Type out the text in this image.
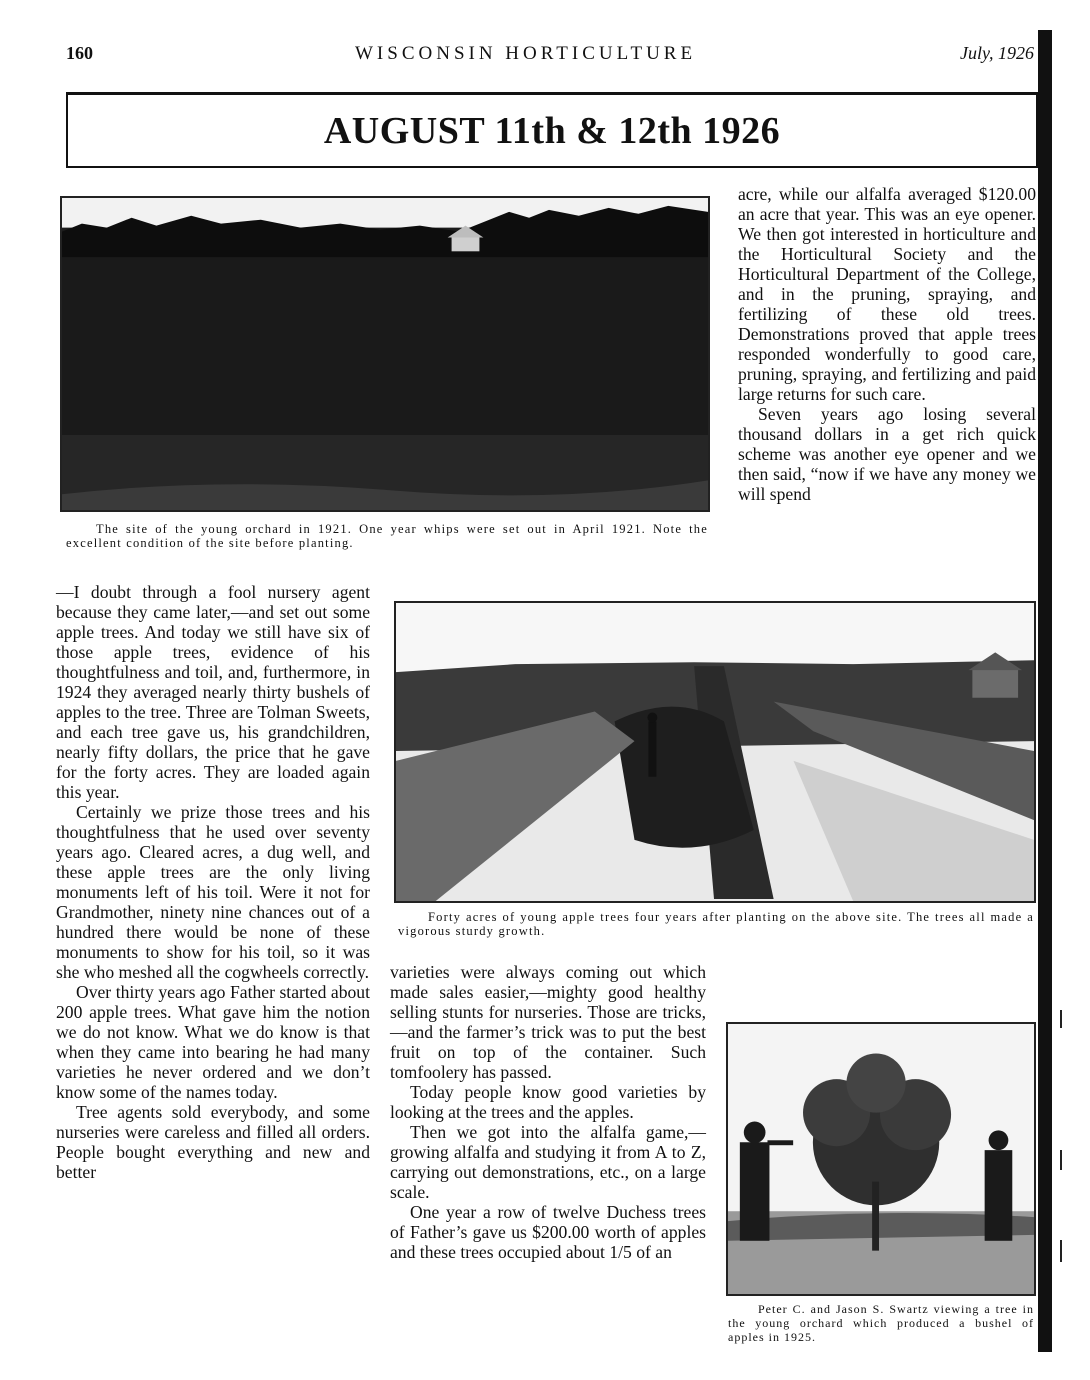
160	WISCONSIN HORTICULTURE	July, 1926
AUGUST 11th & 12th 1926
The site of the young orchard in 1921. One year whips were set out in April 1921. Note the excellent condition of the site before planting.

acre, while our alfalfa averaged $120.00 an acre that year. This was an eye opener. We then got interested in horticulture and the Horticultural Society and the Horticultural Department of the College, and in the pruning, spraying, and fertilizing of these old trees. Demonstrations proved that apple trees responded wonderfully to good care, pruning, spraying, and fertilizing and paid large returns for such care.

Seven years ago losing several thousand dollars in a get rich quick scheme was another eye opener and we then said, “now if we have any money we will spend

—I doubt through a fool nursery agent because they came later,—and set out some apple trees. And today we still have six of those apple trees, evidence of his thoughtfulness and toil, and, furthermore, in 1924 they averaged nearly thirty bushels of apples to the tree. Three are Tolman Sweets, and each tree gave us, his grandchildren, nearly fifty dollars, the price that he gave for the forty acres. They are loaded again this year.

Certainly we prize those trees and his thoughtfulness that he used over seventy years ago. Cleared acres, a dug well, and these apple trees are the only living monuments left of his toil. Were it not for Grandmother, ninety nine chances out of a hundred there would be none of these monuments to show for his toil, so it was she who meshed all the cogwheels correctly.

Over thirty years ago Father started about 200 apple trees. What gave him the notion we do not know. What we do know is that when they came into bearing he had many varieties he never ordered and we don’t know some of the names today.

Tree agents sold everybody, and some nurseries were careless and filled all orders. People bought everything and new and better

Forty acres of young apple trees four years after planting on the above site. The trees all made a vigorous sturdy growth.

varieties were always coming out which made sales easier,—mighty good healthy selling stunts for nurseries. Those are tricks,—and the farmer’s trick was to put the best fruit on top of the container. Such tomfoolery has passed.

Today people know good varieties by looking at the trees and the apples.

Then we got into the alfalfa game,—growing alfalfa and studying it from A to Z, carrying out demonstrations, etc., on a large scale.

One year a row of twelve Duchess trees of Father’s gave us $200.00 worth of apples and these trees occupied about 1/5 of an

Peter C. and Jason S. Swartz viewing a tree in the young orchard which produced a bushel of apples in 1925.
